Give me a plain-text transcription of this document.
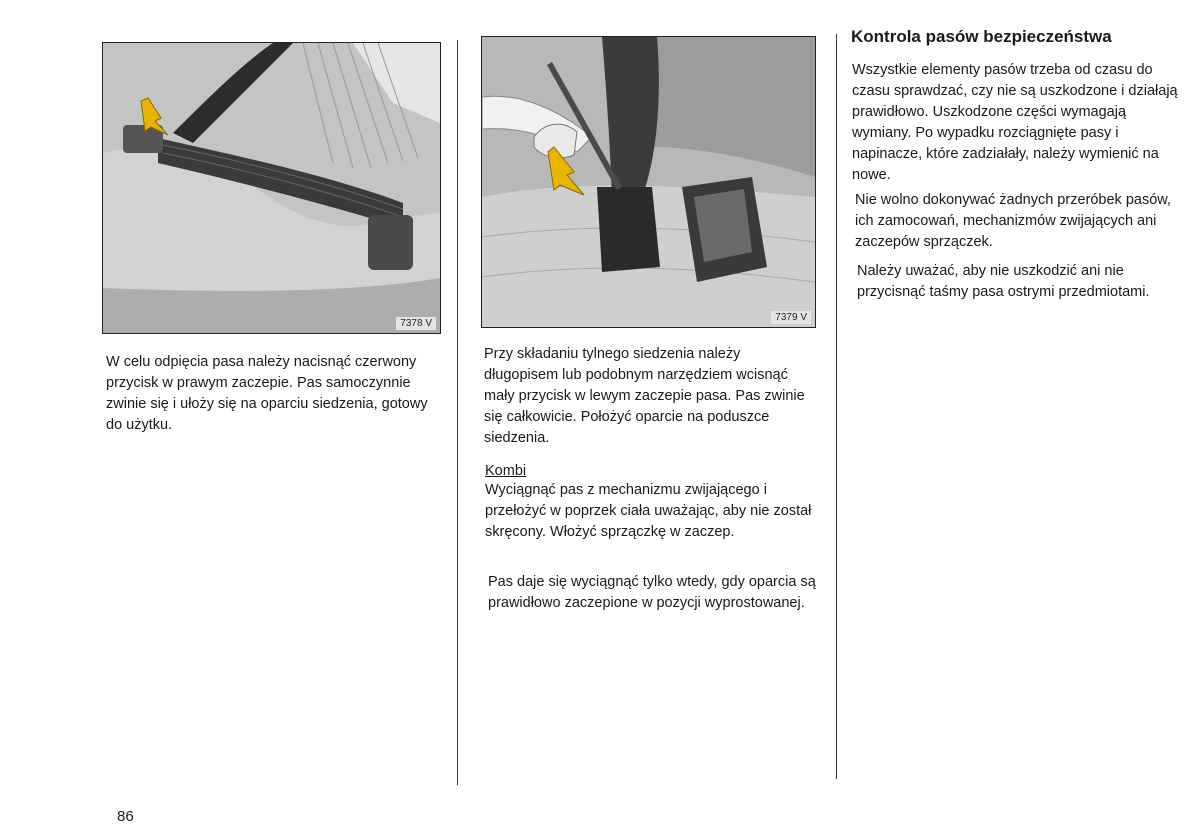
7378 V
7379 V
W celu odpięcia pasa należy nacisnąć czerwony przycisk w prawym zaczepie. Pas samoczynnie zwinie się i ułoży się na oparciu siedzenia, gotowy do użytku.
Przy składaniu tylnego siedzenia należy długopisem lub podobnym narzędziem wcisnąć mały przycisk w lewym zaczepie pasa. Pas zwinie się całkowicie. Położyć oparcie na poduszce siedzenia.
Kombi
Wyciągnąć pas z mechanizmu zwijającego i przełożyć w poprzek ciała uważając, aby nie został skręcony. Włożyć sprzączkę w zaczep.
Pas daje się wyciągnąć tylko wtedy, gdy oparcia są prawidłowo zaczepione w pozycji wyprostowanej.
Kontrola pasów bezpieczeństwa
Wszystkie elementy pasów trzeba od czasu do czasu sprawdzać, czy nie są uszkodzone i działają prawidłowo. Uszkodzone części wymagają wymiany. Po wypadku rozciągnięte pasy i napinacze, które zadziałały, należy wymienić na nowe.
Nie wolno dokonywać żadnych przeróbek pasów, ich zamocowań, mechanizmów zwijających ani zaczepów sprzączek.
Należy uważać, aby nie uszkodzić ani nie przycisnąć taśmy pasa ostrymi przedmiotami.
86
